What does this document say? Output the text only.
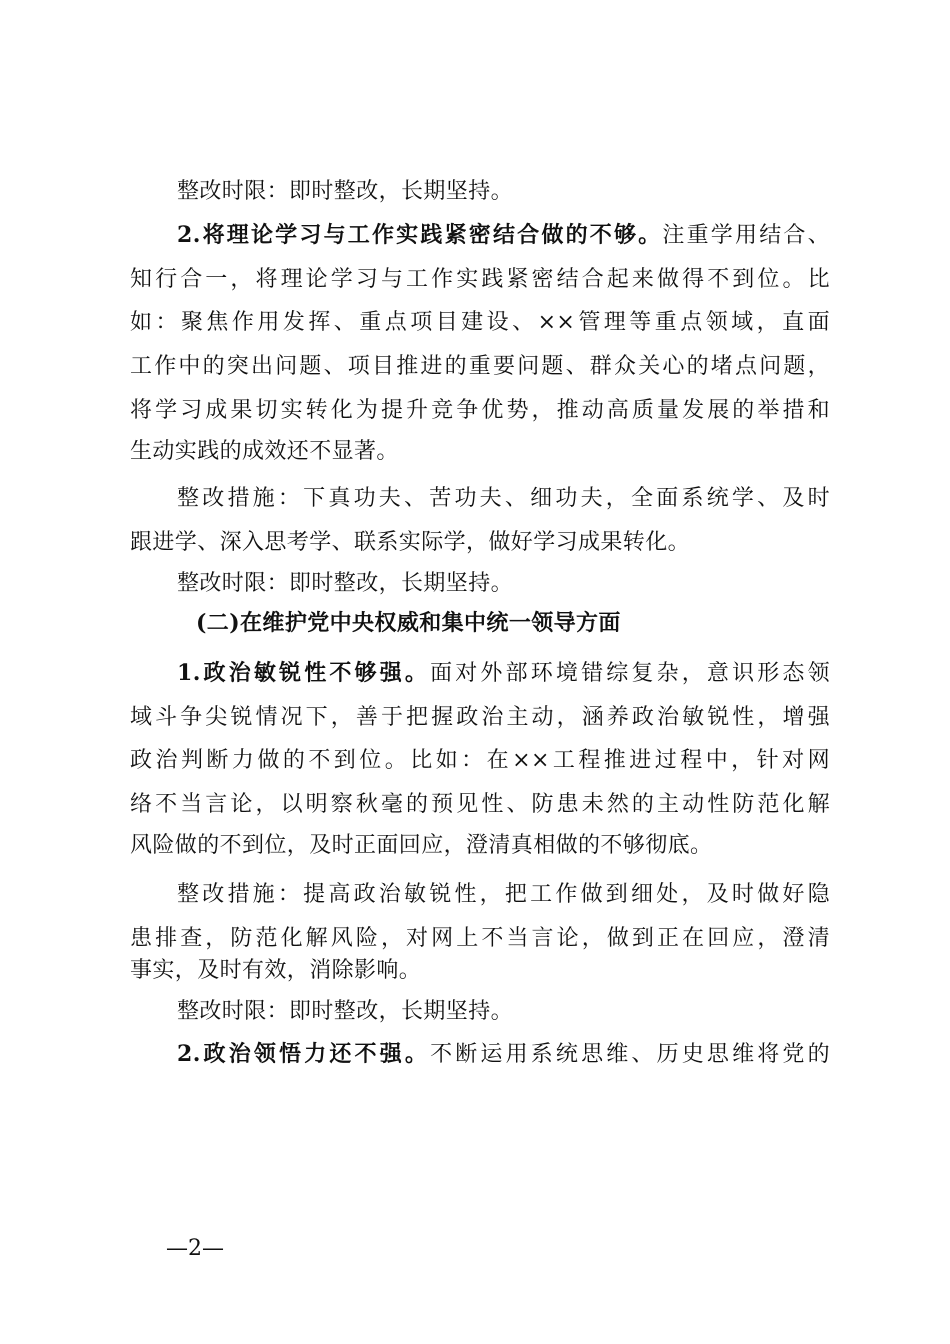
整改时限：即时整改，长期坚持。
2.将理论学习与工作实践紧密结合做的不够。注重学用结合、
知行合一，将理论学习与工作实践紧密结合起来做得不到位。比
如：聚焦作用发挥、重点项目建设、××管理等重点领域，直面
工作中的突出问题、项目推进的重要问题、群众关心的堵点问题，
将学习成果切实转化为提升竞争优势，推动高质量发展的举措和
生动实践的成效还不显著。
整改措施：下真功夫、苦功夫、细功夫，全面系统学、及时
跟进学、深入思考学、联系实际学，做好学习成果转化。
整改时限：即时整改，长期坚持。
(二)在维护党中央权威和集中统一领导方面
1.政治敏锐性不够强。面对外部环境错综复杂，意识形态领
域斗争尖锐情况下，善于把握政治主动，涵养政治敏锐性，增强
政治判断力做的不到位。比如：在××工程推进过程中，针对网
络不当言论，以明察秋毫的预见性、防患未然的主动性防范化解
风险做的不到位，及时正面回应，澄清真相做的不够彻底。
整改措施：提高政治敏锐性，把工作做到细处，及时做好隐
患排查，防范化解风险，对网上不当言论，做到正在回应，澄清
事实，及时有效，消除影响。
整改时限：即时整改，长期坚持。
2.政治领悟力还不强。不断运用系统思维、历史思维将党的
—2—
